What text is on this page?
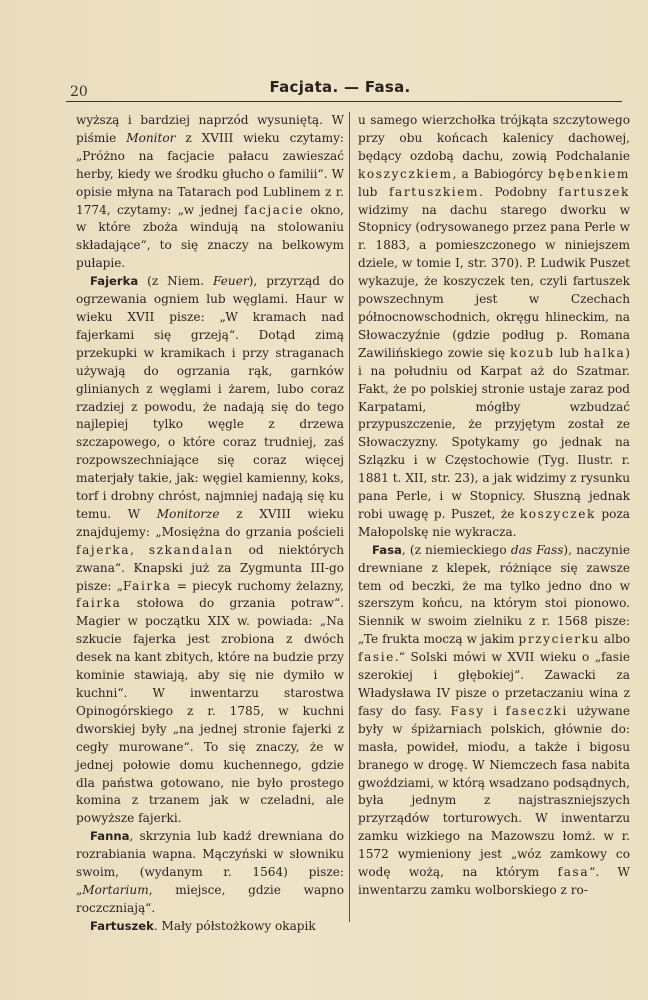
20	Facjata. — Fasa.

wyższą i bardziej naprzód wysuniętą. W piśmie Monitor z XVIII wieku czytamy: „Próżno na facjacie pałacu zawieszać herby, kiedy we środku głucho o familii“. W opisie młyna na Tatarach pod Lublinem z r. 1774, czytamy: „w jednej facjacie okno, w które zboża windują na stolowaniu składające“, to się znaczy na belkowym pułapie.

Fajerka (z Niem. Feuer), przyrząd do ogrzewania ogniem lub węglami. Haur w wieku XVII pisze: „W kramach nad fajerkami się grzeją“. Dotąd zimą przekupki w kramikach i przy straganach używają do ogrzania rąk, garnków glinianych z węglami i żarem, lubo coraz rzadziej z powodu, że nadają się do tego najlepiej tylko węgle z drzewa szczapowego, o które coraz trudniej, zaś rozpowszechniające się coraz więcej materjały takie, jak: węgiel kamienny, koks, torf i drobny chróst, najmniej nadają się ku temu. W Monitorze z XVIII wieku znajdujemy: „Mosiężna do grzania pościeli fajerka, szkandalan od niektórych zwana“. Knapski już za Zygmunta III-go pisze: „Fairka = piecyk ruchomy żelazny, fairka stołowa do grzania potraw“. Magier w początku XIX w. powiada: „Na szkucie fajerka jest zrobiona z dwóch desek na kant zbitych, które na budzie przy kominie stawiają, aby się nie dymiło w kuchni“. W inwentarzu starostwa Opinogórskiego z r. 1785, w kuchni dworskiej były „na jednej stronie fajerki z cegły murowane“. To się znaczy, że w jednej połowie domu kuchennego, gdzie dla państwa gotowano, nie było prostego komina z trzanem jak w czeladni, ale powyższe fajerki.

Fanna, skrzynia lub kadź drewniana do rozrabiania wapna. Mączyński w słowniku swoim, (wydanym r. 1564) pisze: „Mortarium, miejsce, gdzie wapno roczczniają“.

Fartuszek. Mały półstożkowy okapik

u samego wierzchołka trójkąta szczytowego przy obu końcach kalenicy dachowej, będący ozdobą dachu, zowią Podchalanie koszyczkiem, a Babiogórcy bębenkiem lub fartuszkiem. Podobny fartuszek widzimy na dachu starego dworku w Stopnicy (odrysowanego przez pana Perle w r. 1883, a pomieszczonego w niniejszem dziele, w tomie I, str. 370). P. Ludwik Puszet wykazuje, że koszyczek ten, czyli fartuszek powszechnym jest w Czechach północnowschodnich, okręgu hlineckim, na Słowaczyźnie (gdzie podług p. Romana Zawilińskiego zowie się kozub lub halka) i na południu od Karpat aż do Szatmar. Fakt, że po polskiej stronie ustaje zaraz pod Karpatami, mógłby wzbudzać przypuszczenie, że przyjętym został ze Słowaczyzny. Spotykamy go jednak na Szlązku i w Częstochowie (Tyg. Ilustr. r. 1881 t. XII, str. 23), a jak widzimy z rysunku pana Perle, i w Stopnicy. Słuszną jednak robi uwagę p. Puszet, że koszyczek poza Małopolskę nie wykracza.

Fasa, (z niemieckiego das Fass), naczynie drewniane z klepek, różniące się zawsze tem od beczki, że ma tylko jedno dno w szerszym końcu, na którym stoi pionowo. Siennik w swoim zielniku z r. 1568 pisze: „Te frukta moczą w jakim przycierku albo fasie.“ Solski mówi w XVII wieku o „fasie szerokiej i głębokiej“. Zawacki za Władysława IV pisze o przetaczaniu wina z fasy do fasy. Fasy i faseczki używane były w śpiżarniach polskich, głównie do: masła, powideł, miodu, a także i bigosu branego w drogę. W Niemczech fasa nabita gwoździami, w którą wsadzano podsądnych, była jednym z najstraszniejszych przyrządów torturowych. W inwentarzu zamku wizkiego na Mazowszu łomż. w r. 1572 wymieniony jest „wóz zamkowy co wodę wożą, na którym fasa“. W inwentarzu zamku wolborskiego z ro-
